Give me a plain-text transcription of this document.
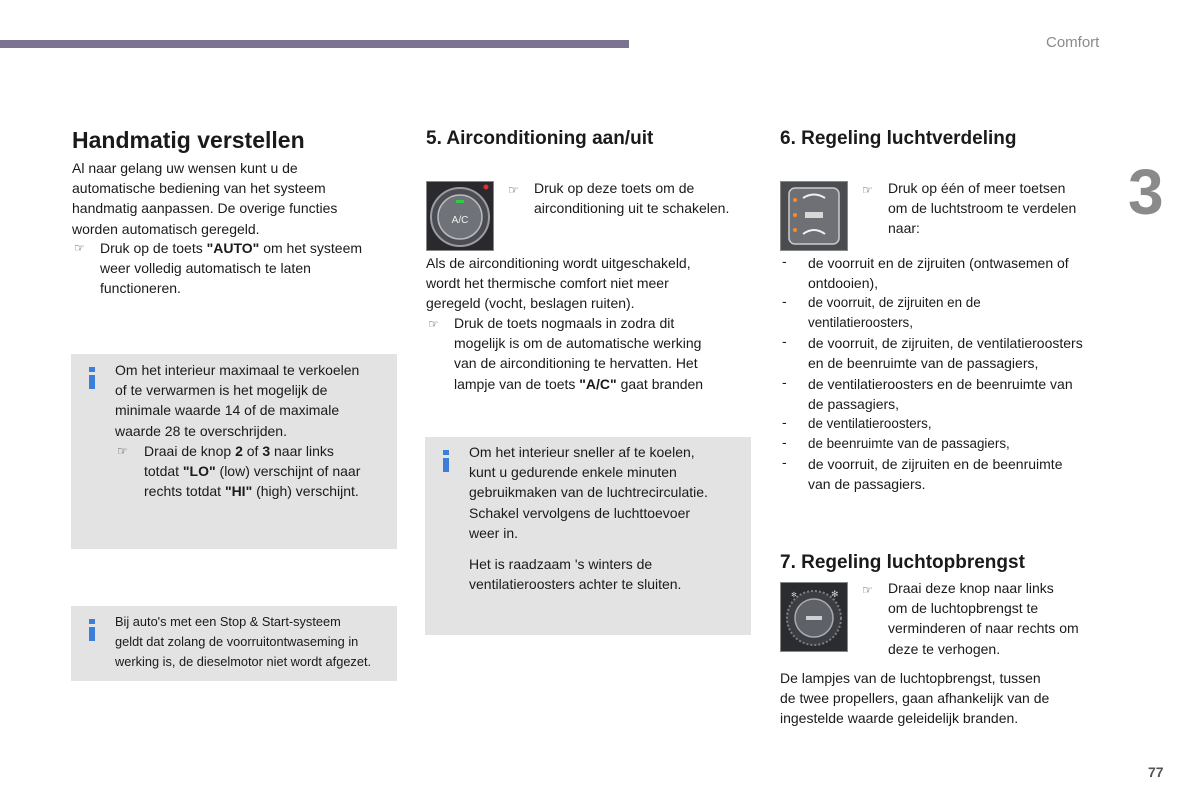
Comfort
3
77
Handmatig verstellen
Al naar gelang uw wensen kunt u de
automatische bediening van het systeem
handmatig aanpassen. De overige functies
worden automatisch geregeld.
☞ Druk op de toets "AUTO" om het systeem
weer volledig automatisch te laten
functioneren.
Om het interieur maximaal te verkoelen
of te verwarmen is het mogelijk de
minimale waarde 14 of de maximale
waarde 28 te overschrijden.
☞ Draai de knop 2 of 3 naar links
totdat "LO" (low) verschijnt of naar
rechts totdat "HI" (high) verschijnt.
Bij auto's met een Stop & Start-systeem
geldt dat zolang de voorruitontwaseming in
werking is, de dieselmotor niet wordt afgezet.
5. Airconditioning aan/uit
A/C
☞ Druk op deze toets om de
airconditioning uit te schakelen.
Als de airconditioning wordt uitgeschakeld,
wordt het thermische comfort niet meer
geregeld (vocht, beslagen ruiten).
☞ Druk de toets nogmaals in zodra dit
mogelijk is om de automatische werking
van de airconditioning te hervatten. Het
lampje van de toets "A/C" gaat branden
Om het interieur sneller af te koelen,
kunt u gedurende enkele minuten
gebruikmaken van de luchtrecirculatie.
Schakel vervolgens de luchttoevoer
weer in.
Het is raadzaam 's winters de
ventilatieroosters achter te sluiten.
6. Regeling luchtverdeling
☞ Druk op één of meer toetsen
om de luchtstroom te verdelen
naar:
- de voorruit en de zijruiten (ontwasemen of
ontdooien),
- de voorruit, de zijruiten en de
ventilatieroosters,
- de voorruit, de zijruiten, de ventilatieroosters
en de beenruimte van de passagiers,
- de ventilatieroosters en de beenruimte van
de passagiers,
- de ventilatieroosters,
- de beenruimte van de passagiers,
- de voorruit, de zijruiten en de beenruimte
van de passagiers.
7. Regeling luchtopbrengst
✻	✻ ☞ Draai deze knop naar links
om de luchtopbrengst te
verminderen of naar rechts om
deze te verhogen.
De lampjes van de luchtopbrengst, tussen
de twee propellers, gaan afhankelijk van de
ingestelde waarde geleidelijk branden.
